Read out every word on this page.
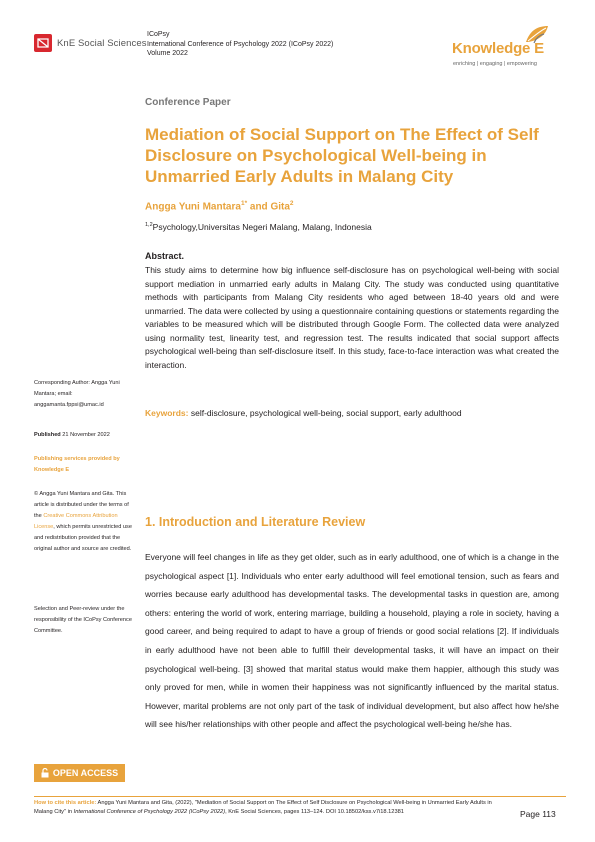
KnE Social Sciences
ICoPsy
International Conference of Psychology 2022 (ICoPsy 2022)
Volume 2022	Knowledge E
enriching | engaging | empowering
Conference Paper
Mediation of Social Support on The Effect of Self Disclosure on Psychological Well-being in Unmarried Early Adults in Malang City
Angga Yuni Mantara$^{1*}$ and Gita$^2$
$^{1,2}$Psychology,Universitas Negeri Malang, Malang, Indonesia
Abstract.
This study aims to determine how big influence self-disclosure has on psychological well-being with social support mediation in unmarried early adults in Malang City. The study was conducted using quantitative methods with participants from Malang City residents who aged between 18-40 years old and were unmarried. The data were collected by using a questionnaire containing questions or statements regarding the variables to be measured which will be distributed through Google Form. The collected data were analyzed using normality test, linearity test, and regression test. The results indicated that social support affects psychological well-being than self-disclosure itself. In this study, face-to-face interaction was what created the interaction.
Keywords: self-disclosure, psychological well-being, social support, early adulthood
Corresponding Author: Angga Yuni Mantara; email: anggamanta.fppsi@umac.id
Published 21 November 2022
Publishing services provided by Knowledge E
© Angga Yuni Mantara and Gita. This article is distributed under the terms of the Creative Commons Attribution License, which permits unrestricted use and redistribution provided that the original author and source are credited.
Selection and Peer-review under the responsibility of the ICoPsy Conference Committee.
OPEN ACCESS
1. Introduction and Literature Review
Everyone will feel changes in life as they get older, such as in early adulthood, one of which is a change in the psychological aspect [1]. Individuals who enter early adulthood will feel emotional tension, such as fears and worries because early adulthood has developmental tasks. The developmental tasks in question are, among others: entering the world of work, entering marriage, building a household, playing a role in society, having a good career, and being required to adapt to have a group of friends or good social relations [2]. If individuals in early adulthood have not been able to fulfill their developmental tasks, it will have an impact on their psychological well-being. [3] showed that marital status would make them happier, although this study was only proved for men, while in women their happiness was not significantly influenced by the marital status. However, marital problems are not only part of the task of individual development, but also affect how he/she will see his/her relationships with other people and affect the psychological well-being he/she has.
How to cite this article: Angga Yuni Mantara and Gita, (2022), "Mediation of Social Support on The Effect of Self Disclosure on Psychological Well-being in Unmarried Early Adults in Malang City" in International Conference of Psychology 2022 (ICoPsy 2022), KnE Social Sciences, pages 113–124. DOI 10.18502/kss.v7i18.12381	Page 113
